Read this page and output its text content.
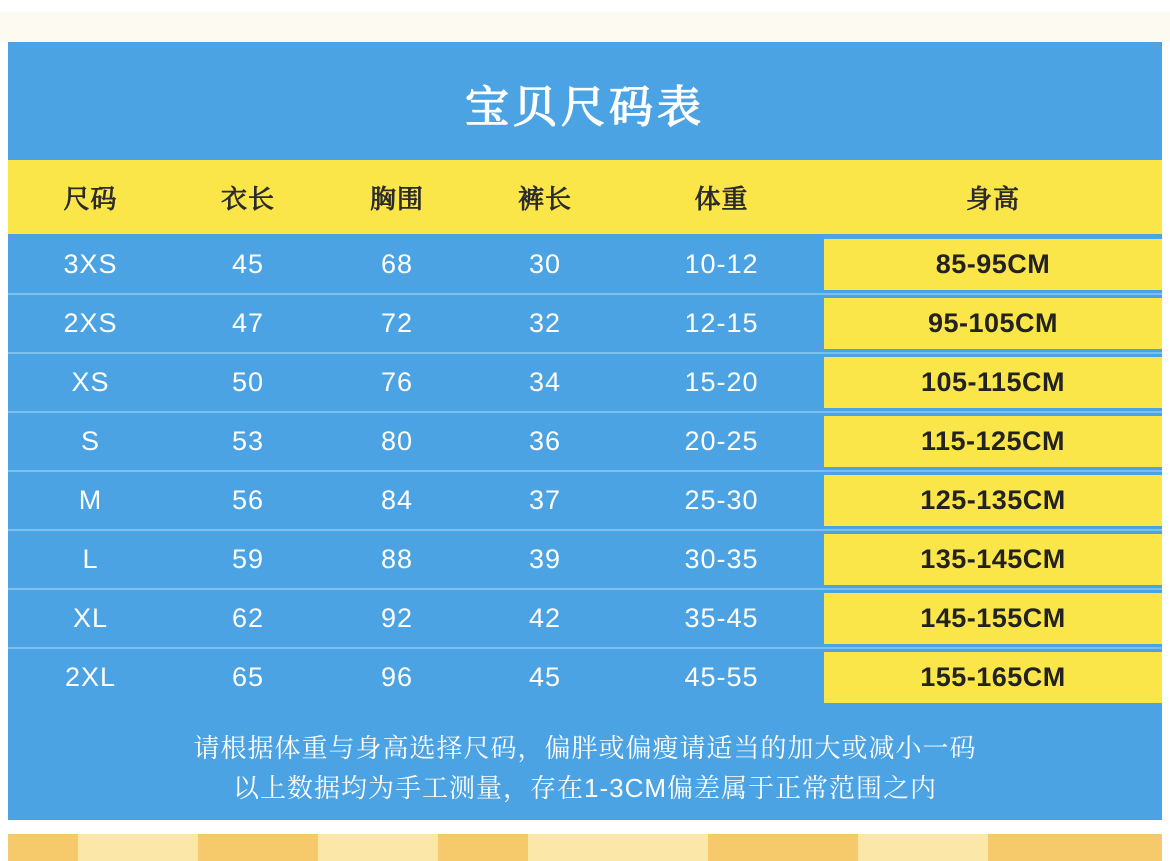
宝贝尺码表
尺码	衣长	胸围	裤长	体重	身高
3XS	45	68	30	10-12	85-95CM
2XS	47	72	32	12-15	95-105CM
XS	50	76	34	15-20	105-115CM
S	53	80	36	20-25	115-125CM
M	56	84	37	25-30	125-135CM
L	59	88	39	30-35	135-145CM
XL	62	92	42	35-45	145-155CM
2XL	65	96	45	45-55	155-165CM
请根据体重与身高选择尺码，偏胖或偏瘦请适当的加大或减小一码
以上数据均为手工测量，存在1-3CM偏差属于正常范围之内
